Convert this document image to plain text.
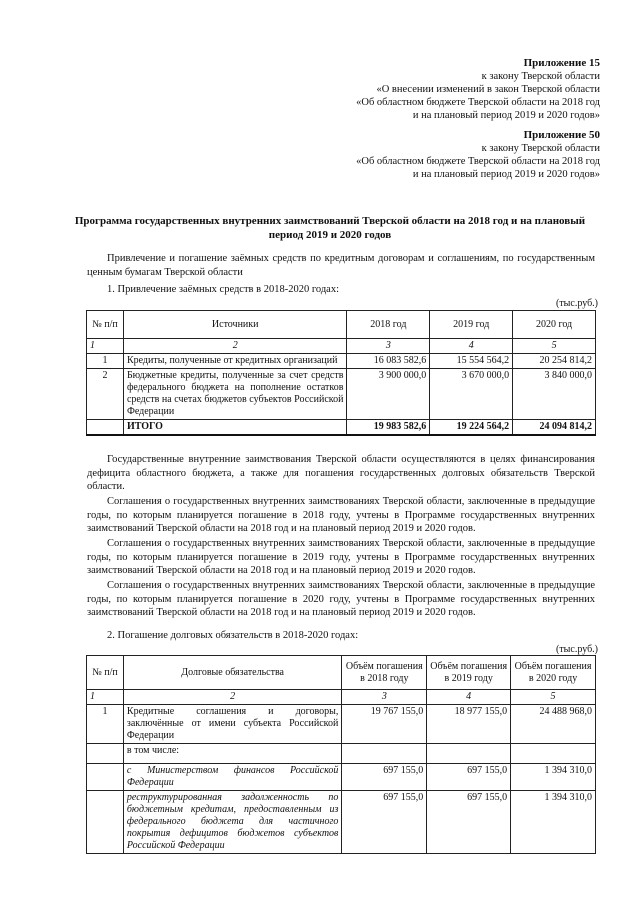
Приложение 15
к закону Тверской области
«О внесении изменений в закон Тверской области
«Об областном бюджете Тверской области на 2018 год
и на плановый период 2019 и 2020 годов»
Приложение 50
к закону Тверской области
«Об областном бюджете Тверской области на 2018 год
и на плановый период 2019 и 2020 годов»
Программа государственных внутренних заимствований Тверской области на 2018 год и на плановый период 2019 и 2020 годов
Привлечение и погашение заёмных средств по кредитным договорам и соглашениям, по государственным ценным бумагам Тверской области
1. Привлечение заёмных средств в 2018-2020 годах:
(тыс.руб.)
№ п/п	Источники	2018 год	2019 год	2020 год
1	2	3	4	5
1	Кредиты, полученные от кредитных организаций	16 083 582,6	15 554 564,2	20 254 814,2
2	Бюджетные кредиты, полученные за счет средств федерального бюджета на пополнение остатков средств на счетах бюджетов субъектов Российской Федерации	3 900 000,0	3 670 000,0	3 840 000,0
	ИТОГО	19 983 582,6	19 224 564,2	24 094 814,2
Государственные внутренние заимствования Тверской области осуществляются в целях финансирования дефицита областного бюджета, а также для погашения государственных долговых обязательств Тверской области.
Соглашения о государственных внутренних заимствованиях Тверской области, заключенные в предыдущие годы, по которым планируется погашение в 2018 году, учтены в Программе государственных внутренних заимствований Тверской области на 2018 год и на плановый период 2019 и 2020 годов.
Соглашения о государственных внутренних заимствованиях Тверской области, заключенные в предыдущие годы, по которым планируется погашение в 2019 году, учтены в Программе государственных внутренних заимствований Тверской области на 2018 год и на плановый период 2019 и 2020 годов.
Соглашения о государственных внутренних заимствованиях Тверской области, заключенные в предыдущие годы, по которым планируется погашение в 2020 году, учтены в Программе государственных внутренних заимствований Тверской области на 2018 год и на плановый период 2019 и 2020 годов.
2. Погашение долговых обязательств в 2018-2020 годах:
(тыс.руб.)
№ п/п	Долговые обязательства	Объём погашения в 2018 году	Объём погашения в 2019 году	Объём погашения в 2020 году
1	2	3	4	5
1	Кредитные соглашения и договоры, заключённые от имени субъекта Российской Федерации	19 767 155,0	18 977 155,0	24 488 968,0
	в том числе:			
	с Министерством финансов Российской Федерации	697 155,0	697 155,0	1 394 310,0
	реструктурированная задолженность по бюджетным кредитам, предоставленным из федерального бюджета для частичного покрытия дефицитов бюджетов субъектов Российской Федерации	697 155,0	697 155,0	1 394 310,0
